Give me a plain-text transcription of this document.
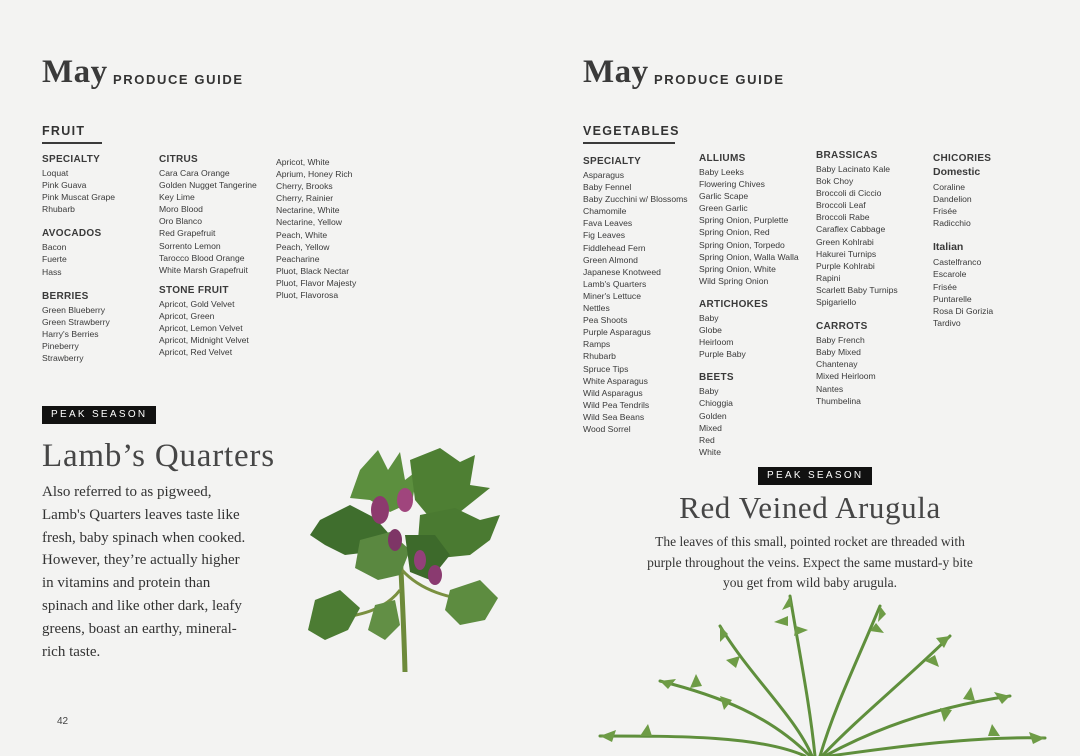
May PRODUCE GUIDE
FRUIT
SPECIALTY
Loquat
Pink Guava
Pink Muscat Grape
Rhubarb
AVOCADOS
Bacon
Fuerte
Hass
BERRIES
Green Blueberry
Green Strawberry
Harry's Berries
Pineberry
Strawberry
CITRUS
Cara Cara Orange
Golden Nugget Tangerine
Key Lime
Moro Blood
Oro Blanco
Red Grapefruit
Sorrento Lemon
Tarocco Blood Orange
White Marsh Grapefruit
STONE FRUIT
Apricot, Gold Velvet
Apricot, Green
Apricot, Lemon Velvet
Apricot, Midnight Velvet
Apricot, Red Velvet
Apricot, White
Aprium, Honey Rich
Cherry, Brooks
Cherry, Rainier
Nectarine, White
Nectarine, Yellow
Peach, White
Peach, Yellow
Peacharine
Pluot, Black Nectar
Pluot, Flavor Majesty
Pluot, Flavorosa
PEAK SEASON
Lamb’s Quarters
Also referred to as pigweed,
Lamb's Quarters leaves taste like
fresh, baby spinach when cooked.
However, they’re actually higher
in vitamins and protein than
spinach and like other dark, leafy
greens, boast an earthy, mineral-
rich taste.
42
May PRODUCE GUIDE
VEGETABLES
SPECIALTY
Asparagus
Baby Fennel
Baby Zucchini w/ Blossoms
Chamomile
Fava Leaves
Fig Leaves
Fiddlehead Fern
Green Almond
Japanese Knotweed
Lamb's Quarters
Miner's Lettuce
Nettles
Pea Shoots
Purple Asparagus
Ramps
Rhubarb
Spruce Tips
White Asparagus
Wild Asparagus
Wild Pea Tendrils
Wild Sea Beans
Wood Sorrel
ALLIUMS
Baby Leeks
Flowering Chives
Garlic Scape
Green Garlic
Spring Onion, Purplette
Spring Onion, Red
Spring Onion, Torpedo
Spring Onion, Walla Walla
Spring Onion, White
Wild Spring Onion
ARTICHOKES
Baby
Globe
Heirloom
Purple Baby
BEETS
Baby
Chioggia
Golden
Mixed
Red
White
BRASSICAS
Baby Lacinato Kale
Bok Choy
Broccoli di Ciccio
Broccoli Leaf
Broccoli Rabe
Caraflex Cabbage
Green Kohlrabi
Hakurei Turnips
Purple Kohlrabi
Rapini
Scarlett Baby Turnips
Spigariello
CARROTS
Baby French
Baby Mixed
Chantenay
Mixed Heirloom
Nantes
Thumbelina
CHICORIES
Domestic
Coraline
Dandelion
Frisée
Radicchio
Italian
Castelfranco
Escarole
Frisée
Puntarelle
Rosa Di Gorizia
Tardivo
PEAK SEASON
Red Veined Arugula
The leaves of this small, pointed rocket are threaded with
purple throughout the veins. Expect the same mustard-y bite
you get from wild baby arugula.
